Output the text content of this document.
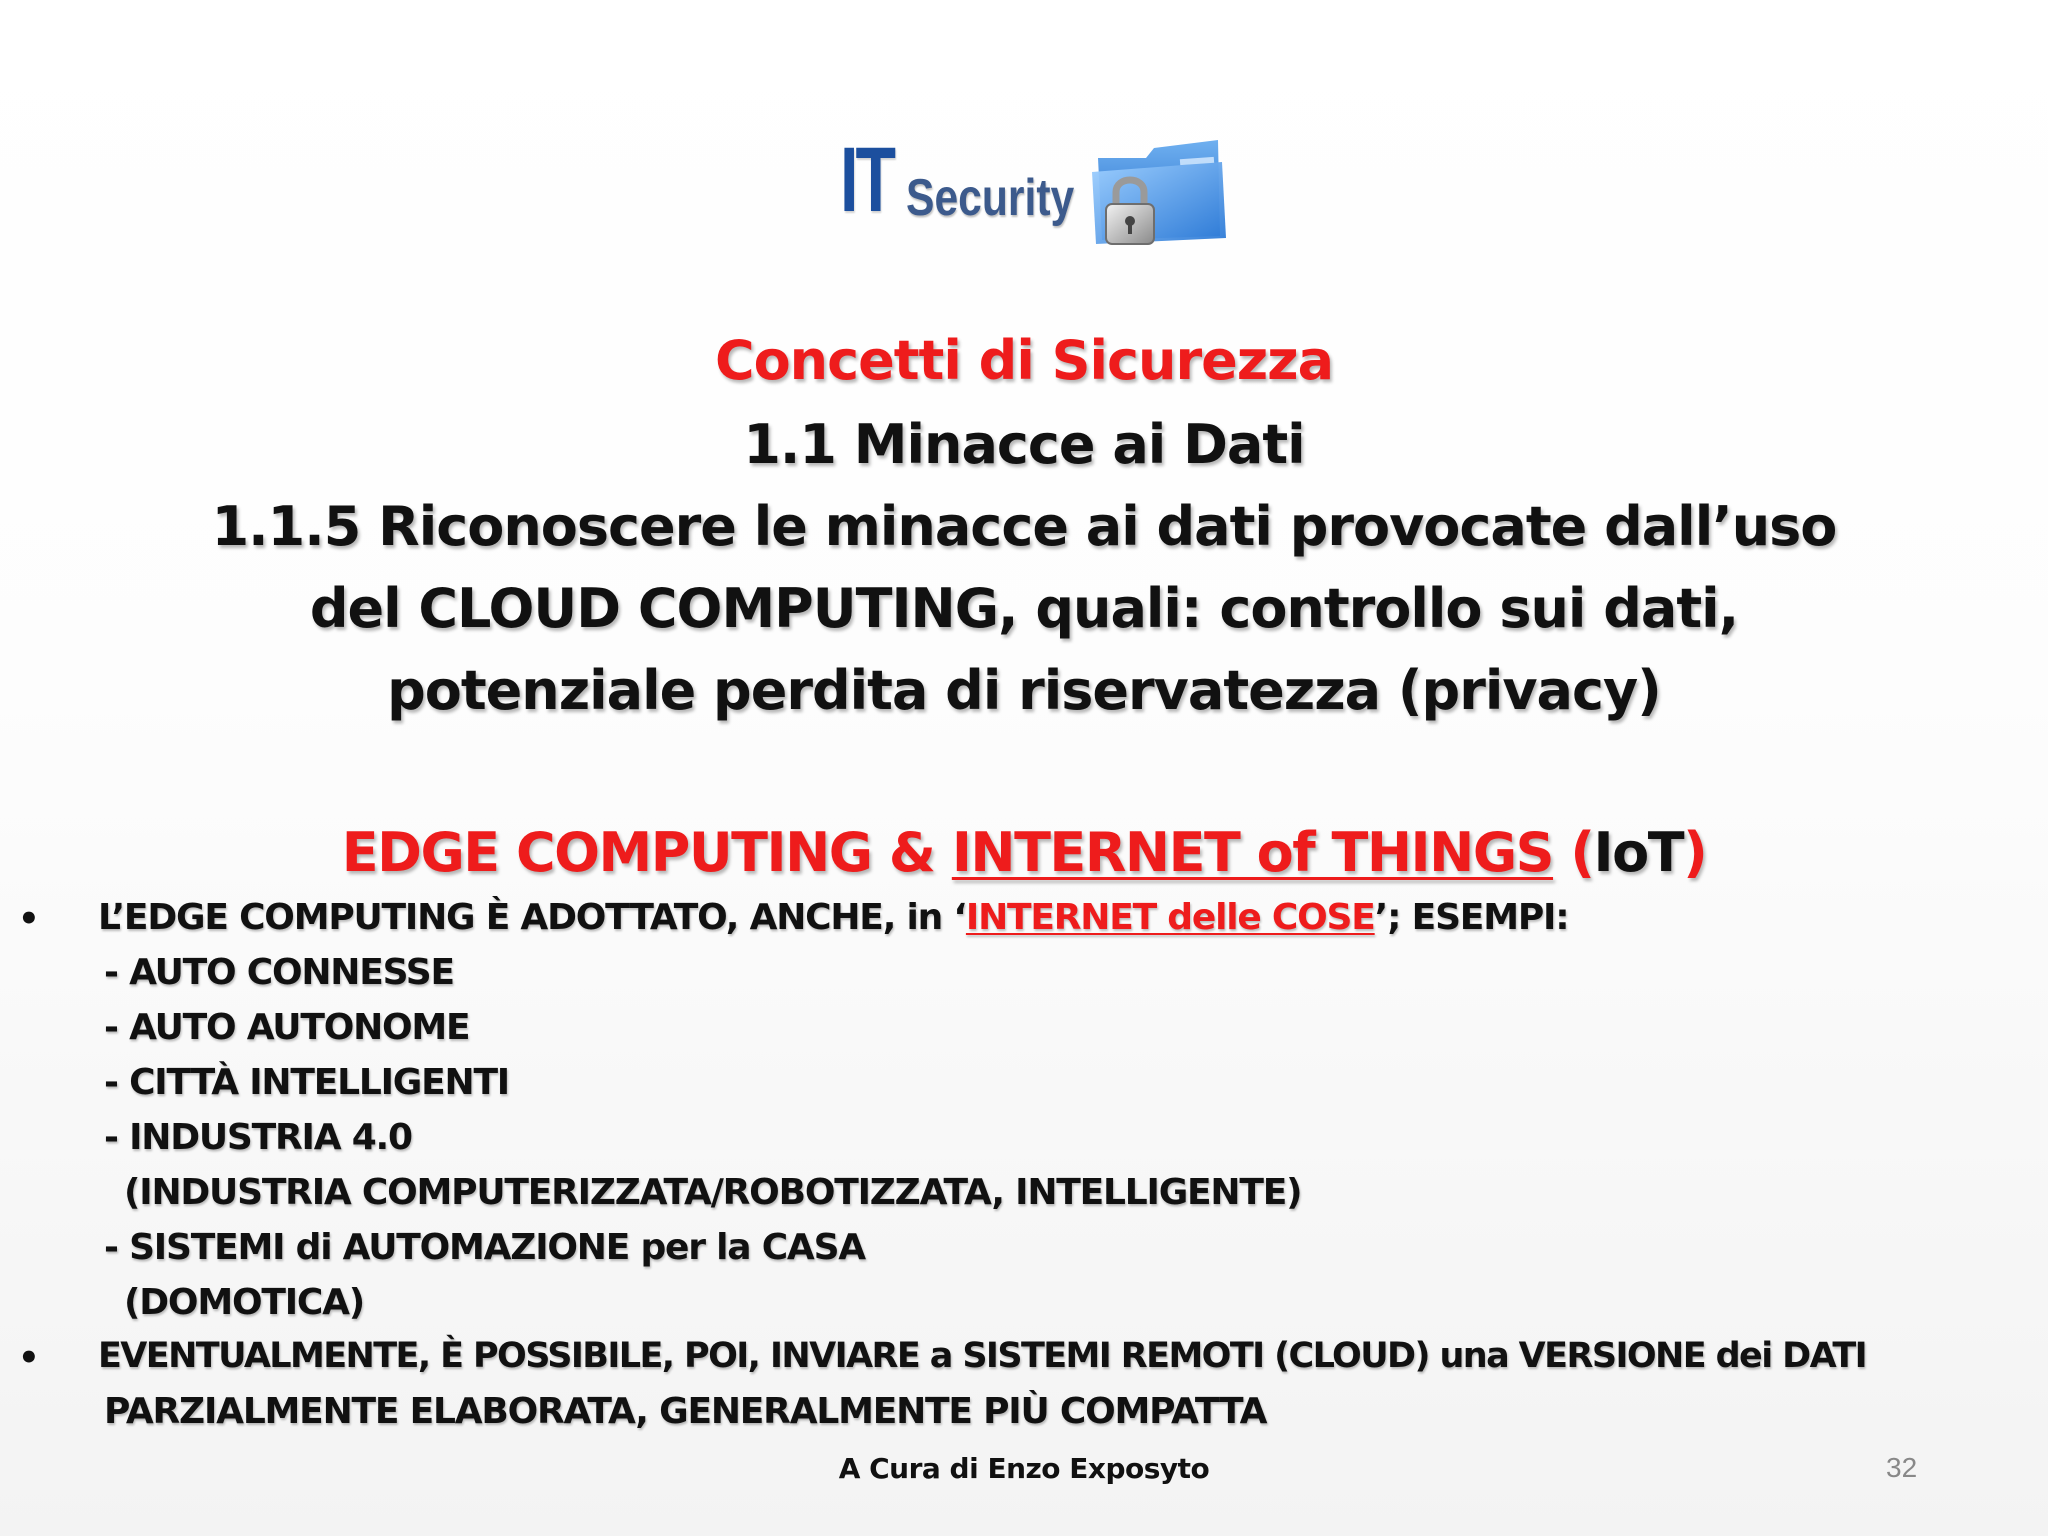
IT Security
Concetti di Sicurezza
1.1 Minacce ai Dati
1.1.5 Riconoscere le minacce ai dati provocate dall’uso
del CLOUD COMPUTING, quali: controllo sui dati,
potenziale perdita di riservatezza (privacy)
EDGE COMPUTING & INTERNET of THINGS (IoT)
• L’EDGE COMPUTING È ADOTTATO, ANCHE, in ‘INTERNET delle COSE’; ESEMPI:
- AUTO CONNESSE
- AUTO AUTONOME
- CITTÀ INTELLIGENTI
- INDUSTRIA 4.0
(INDUSTRIA COMPUTERIZZATA/ROBOTIZZATA, INTELLIGENTE)
- SISTEMI di AUTOMAZIONE per la CASA
(DOMOTICA)
• EVENTUALMENTE, È POSSIBILE, POI, INVIARE a SISTEMI REMOTI (CLOUD) una VERSIONE dei DATI
PARZIALMENTE ELABORATA, GENERALMENTE PIÙ COMPATTA
A Cura di Enzo Exposyto	32
